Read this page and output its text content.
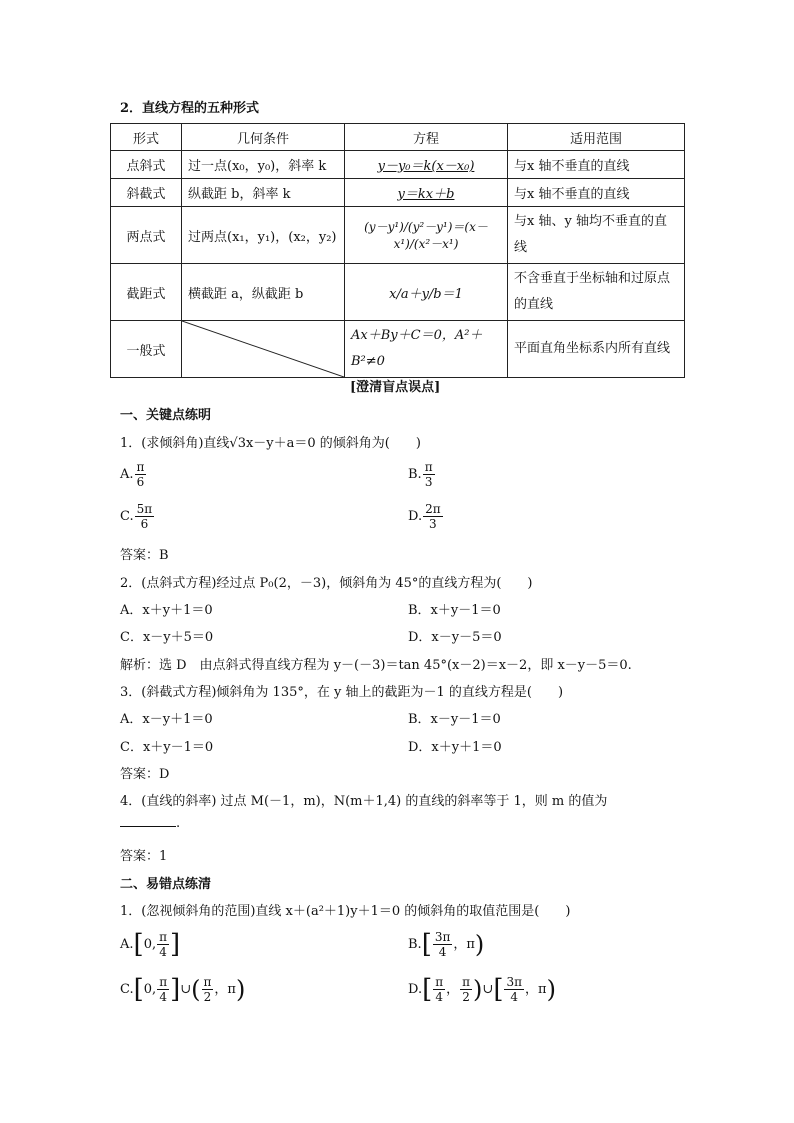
2．直线方程的五种形式
形式	几何条件	方程	适用范围
点斜式	过一点(x₀，y₀)，斜率 k	y－y₀＝k(x－x₀)	与x 轴不垂直的直线
斜截式	纵截距 b，斜率 k	y＝kx＋b	与x 轴不垂直的直线
两点式	过两点(x₁，y₁)，(x₂，y₂)	(y－y¹)/(y²－y¹)＝(x－x¹)/(x²－x¹)	与x 轴、y 轴均不垂直的直线
截距式	横截距 a，纵截距 b	x/a＋y/b＝1	不含垂直于坐标轴和过原点的直线
一般式		Ax＋By＋C＝0，A²＋B²≠0	平面直角坐标系内所有直线
[澄清盲点误点]
一、关键点练明
1．(求倾斜角)直线√3x－y＋a＝0 的倾斜角为(　　)
A. $\frac{\pi}{6}$	B. $\frac{\pi}{3}$
C. $\frac{5\pi}{6}$	D. $\frac{2\pi}{3}$
答案：B
2．(点斜式方程)经过点 P₀(2，－3)，倾斜角为 45°的直线方程为(　　)
A．x＋y＋1＝0	B．x＋y－1＝0
C．x－y＋5＝0	D．x－y－5＝0
解析：选 D　由点斜式得直线方程为 y－(－3)＝tan 45°(x－2)＝x－2，即 x－y－5＝0.
3．(斜截式方程)倾斜角为 135°，在 y 轴上的截距为－1 的直线方程是(　　)
A．x－y＋1＝0	B．x－y－1＝0
C．x＋y－1＝0	D．x＋y＋1＝0
答案：D
4．(直线的斜率) 过点 M(－1，m)，N(m＋1,4) 的直线的斜率等于 1，则 m 的值为
.
答案：1
二、易错点练清
1．(忽视倾斜角的范围)直线 x＋(a²＋1)y＋1＝0 的倾斜角的取值范围是(　　)
A.[0, $\frac{\pi}{4}$ ]	$B.[ \frac{3\pi}{4}$ ，π)
C.[0, $\frac{\pi}{4}$ ]∪( $\frac{\pi}{2}$ ，π)	$D.[ \frac{\pi}{4}$ ， $\frac{\pi}{2}$ )∪[ $\frac{3\pi}{4}$ ，π)
